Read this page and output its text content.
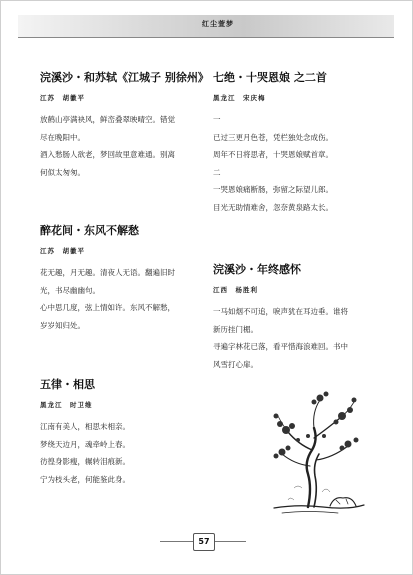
红尘萱梦
浣溪沙・和苏轼《江城子 别徐州》
江苏　胡徽平
放鹤山亭满袂风，鲜峦叠翠映晴空。错觉
尽在晚阳中。
酒入愁肠人欲老，梦回故里意难通。别离
何似太匆匆。
醉花间・东风不解愁
江苏　胡徽平
花无趣，月无趣。清夜人无语。翻遍旧时
光，书尽幽幽句。
心中思几度，弦上情如许。东风不解愁，
岁岁知归处。
五律・相思
黑龙江　时卫维
江南有美人，相思未相亲。
梦绕天边月，魂牵岭上春。
彷徨身影瘦，辗转泪痕新。
宁为枝头老，何能鉴此身。
七绝・十哭恩娘 之二首
黑龙江　宋庆梅
一
已过三更月色苍，凭栏独处念成伤。
周年不日将思者，十哭恩娘赋首章。
二
一哭恩娘痛断肠，弥留之际望儿郎。
目光无助情难舍，忽奈黄泉路太长。
浣溪沙・年终感怀
江西　杨胜利
一马如烟不可追，唳声犹在耳边垂。谁将
新历挂门楣。
寻遍字林花已落，看平惜海浪难回。书中
风雪打心扉。
57
